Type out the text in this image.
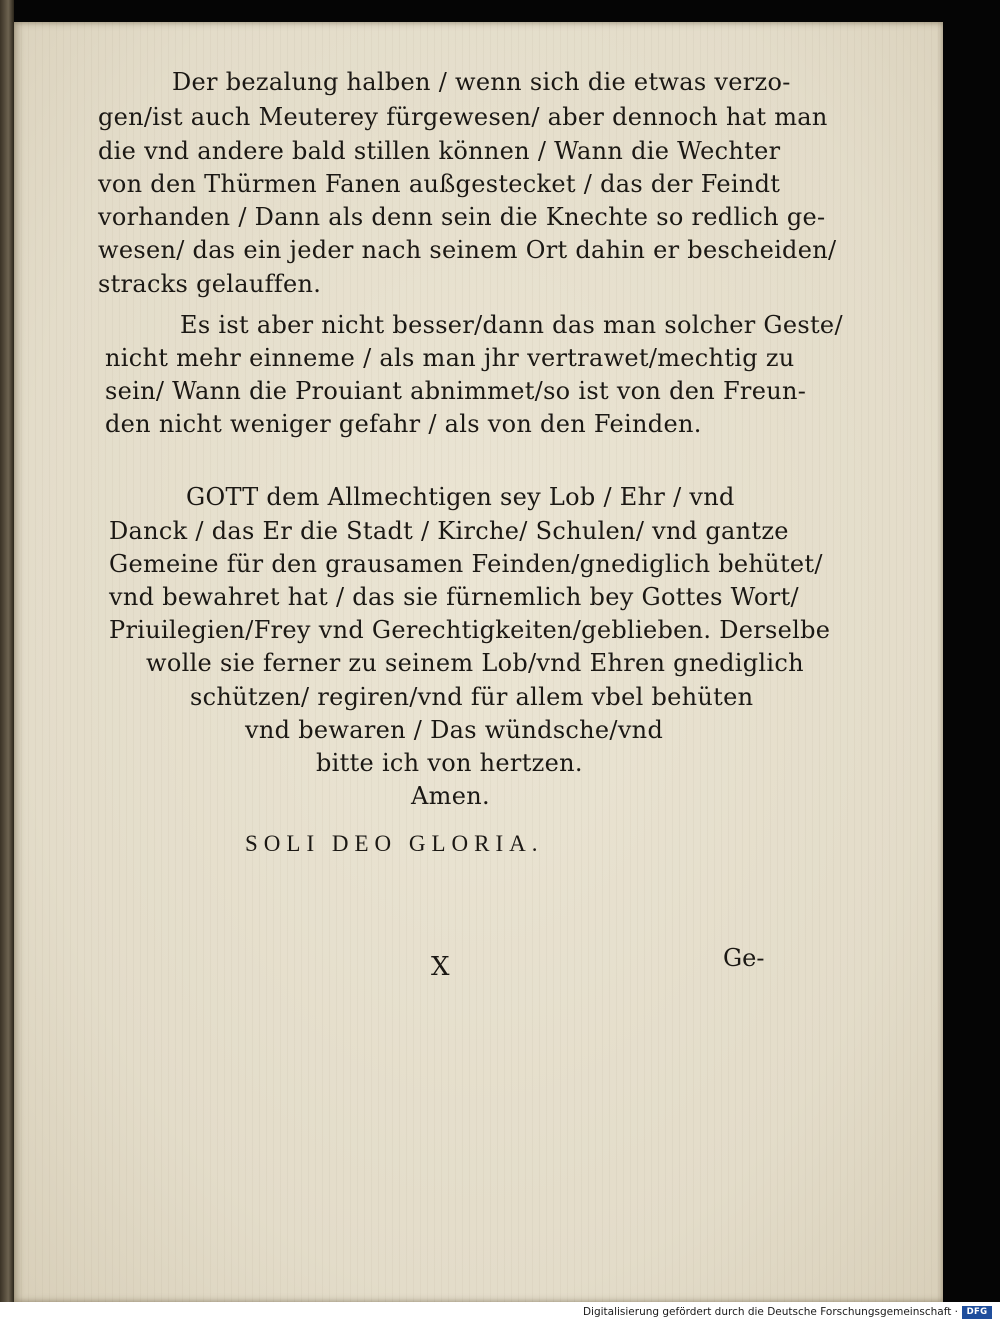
Der bezalung halben / wenn sich die etwas verzo-
gen/ist auch Meuterey fürgewesen/ aber dennoch hat man
die vnd andere bald stillen können / Wann die Wechter
von den Thürmen Fanen außgestecket / das der Feindt
vorhanden / Dann als denn sein die Knechte so redlich ge-
wesen/ das ein jeder nach seinem Ort dahin er bescheiden/
stracks gelauffen.
Es ist aber nicht besser/dann das man solcher Geste/
nicht mehr einneme / als man jhr vertrawet/mechtig zu
sein/ Wann die Prouiant abnimmet/so ist von den Freun-
den nicht weniger gefahr / als von den Feinden.
GOTT dem Allmechtigen sey Lob / Ehr / vnd
Danck / das Er die Stadt / Kirche/ Schulen/ vnd gantze
Gemeine für den grausamen Feinden/gnediglich behütet/
vnd bewahret hat / das sie fürnemlich bey Gottes Wort/
Priuilegien/Frey vnd Gerechtigkeiten/geblieben. Derselbe
wolle sie ferner zu seinem Lob/vnd Ehren gnediglich
schützen/ regiren/vnd für allem vbel behüten
vnd bewaren / Das wündsche/vnd
bitte ich von hertzen.
Amen.
SOLI DEO GLORIA.
X	Ge-
Digitalisierung gefördert durch die Deutsche Forschungsgemeinschaft ·	DFG
